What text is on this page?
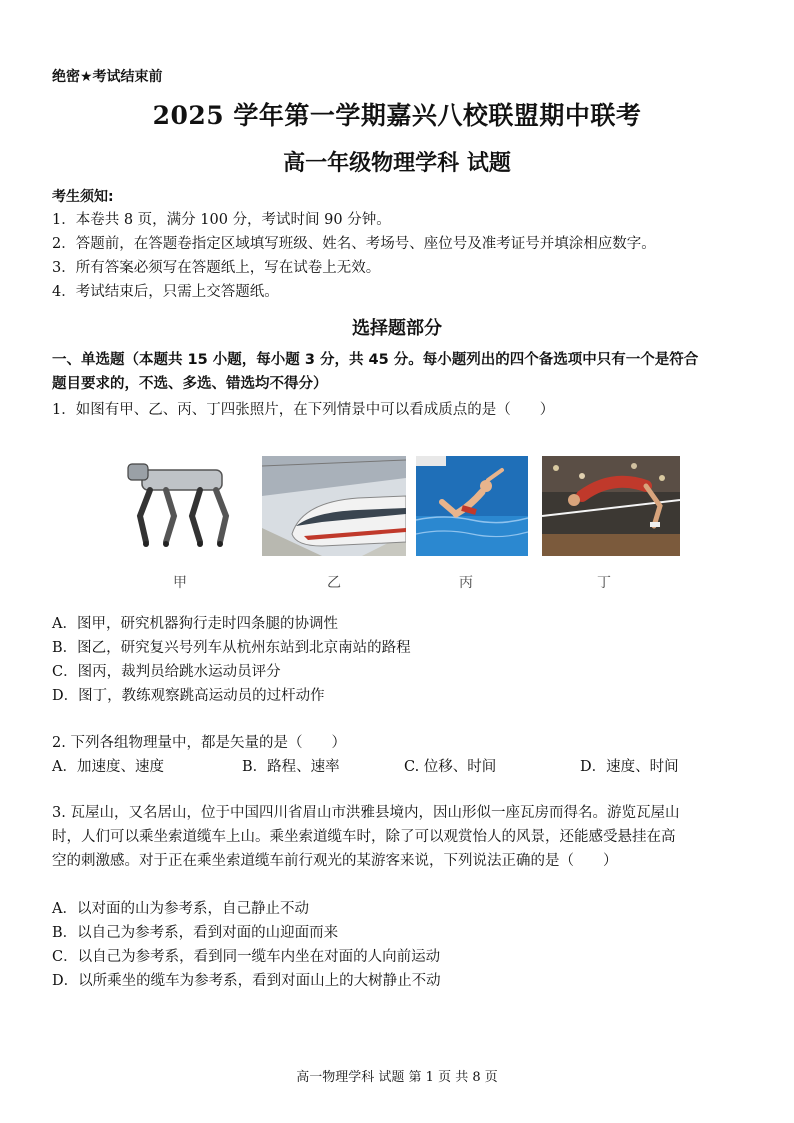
绝密★考试结束前
2025 学年第一学期嘉兴八校联盟期中联考
高一年级物理学科 试题
考生须知:
1．本卷共 8 页，满分 100 分，考试时间 90 分钟。
2．答题前，在答题卷指定区域填写班级、姓名、考场号、座位号及准考证号并填涂相应数字。
3．所有答案必须写在答题纸上，写在试卷上无效。
4．考试结束后，只需上交答题纸。
选择题部分
一、单选题（本题共 15 小题，每小题 3 分，共 45 分。每小题列出的四个备选项中只有一个是符合
题目要求的，不选、多选、错选均不得分）
1．如图有甲、乙、丙、丁四张照片，在下列情景中可以看成质点的是（　　）
甲	乙	丙	丁
A．图甲，研究机器狗行走时四条腿的协调性
B．图乙，研究复兴号列车从杭州东站到北京南站的路程
C．图丙，裁判员给跳水运动员评分
D．图丁，教练观察跳高运动员的过杆动作
2. 下列各组物理量中，都是矢量的是（　　）
A．加速度、速度	B．路程、速率	C. 位移、时间	D．速度、时间
3. 瓦屋山，又名居山，位于中国四川省眉山市洪雅县境内，因山形似一座瓦房而得名。游览瓦屋山
时，人们可以乘坐索道缆车上山。乘坐索道缆车时，除了可以观赏怡人的风景，还能感受悬挂在高
空的刺激感。对于正在乘坐索道缆车前行观光的某游客来说，下列说法正确的是（　　）
A．以对面的山为参考系，自己静止不动
B．以自己为参考系，看到对面的山迎面而来
C．以自己为参考系，看到同一缆车内坐在对面的人向前运动
D．以所乘坐的缆车为参考系，看到对面山上的大树静止不动
高一物理学科 试题 第 1 页 共 8 页
